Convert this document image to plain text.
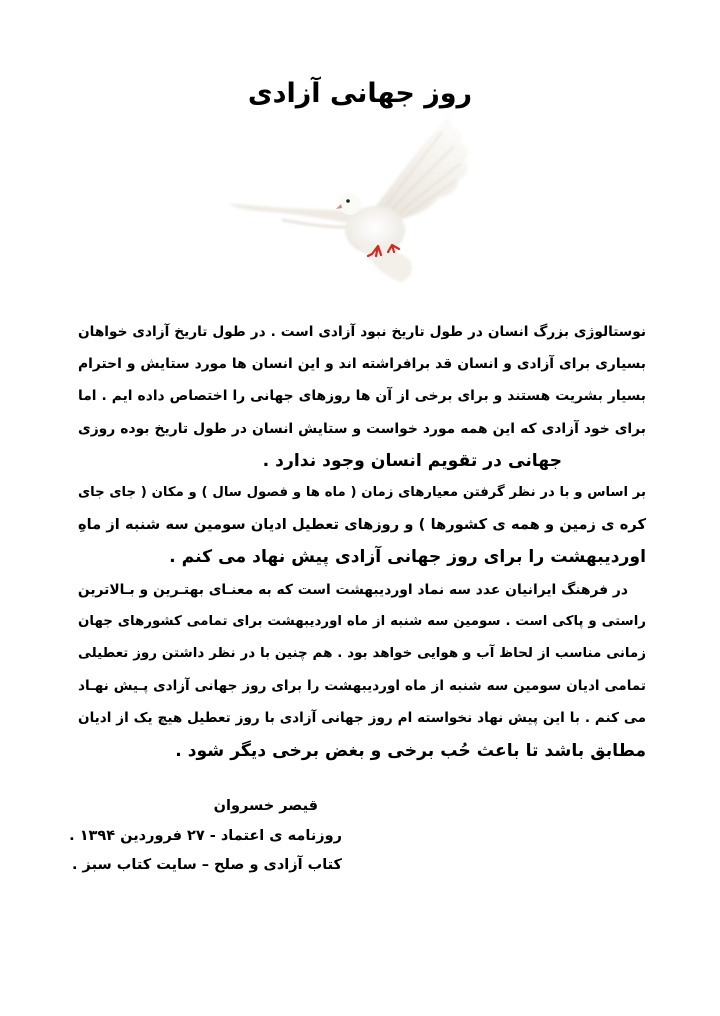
روز جهانی آزادی

نوستالوژی بزرگ انسان در طول تاریخ نبود آزادی است . در طول تاریخ آزادی خواهان
بسیاری برای آزادی و انسان قد برافراشته اند و این انسان ها مورد ستایش و احترام
بسیار بشریت هستند و برای برخی از آن ها روزهای جهانی را اختصاص داده ایم . اما
برای خود آزادی که این همه مورد خواست و ستایش انسان در طول تاریخ بوده روزی
جهانی در تقویم انسان وجود ندارد .

بر اساس و با در نظر گرفتن معیارهای زمان ( ماه ها و فصول سال ) و مکان ( جای جای
کره ی زمین و همه ی کشورها ) و روزهای تعطیل ادیان سومین سه شنبه از ماهِ
اوردیبهشت را برای روز جهانی آزادی پیش نهاد می کنم .

در فرهنگ ایرانیان عدد سه نماد اوردیبهشت است که به معنـای بهتـرین و بـالاترین
راستی و پاکی است . سومین سه شنبه از ماه اوردیبهشت برای تمامی کشورهای جهان
زمانی مناسب از لحاظ آب و هوایی خواهد بود . هم چنین با در نظر داشتن روز تعطیلی
تمامی ادیان سومین سه شنبه از ماه اوردیبهشت را برای روز جهانی آزادی پـیش نهـاد
می کنم . با این پیش نهاد نخواسته ام روز جهانی آزادی با روز تعطیل هیچ یک از ادیان
مطابق باشد تا باعث حُب برخی و بغض برخی دیگر شود .

قیصر خسروان
روزنامه ی اعتماد - ۲۷ فروردین ۱۳۹۴ .
کتاب آزادی و صلح – سایت کتاب سبز .
